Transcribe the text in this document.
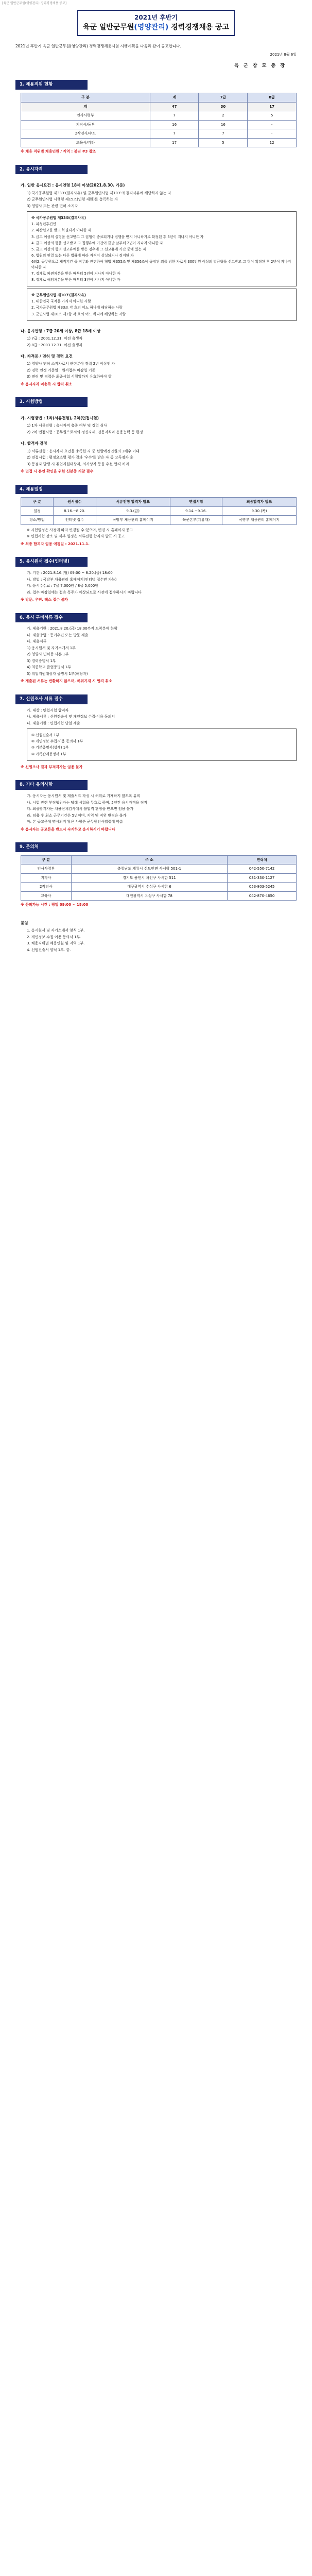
[육군 일반군무원(영양관리) 경력경쟁채용 공고]
2021년 후반기
육군 일반군무원(영양관리) 경력경쟁채용 공고
2021년 후반기 육군 일반군무원(영양관리) 경력경쟁채용시험 시행계획을 다음과 같이 공고합니다.
2021년 8월 6일
육 군 참 모 총 장
1. 채용직위 현황
구 분	계	7급	8급
계	47	30	17
인사사령부	7	2	5
지작사/동부	16	16	-
2작전사/수도	7	7	-
교육사/기타	17	5	12
※ 채용 직위별 채용인원 / 지역 : 붙임 #3 참조
2. 응시자격
가. 일반 응시요건 : 응시연령 18세 이상(2021.8.30. 기준)
1) 국가공무원법 제33조(결격사유) 및 군무원인사법 제10조의 결격사유에 해당하지 않는 자
2) 군무원인사법 시행령 제15조(연령 제한)를 충족하는 자
3) 영양사 또는 관련 면허 소지자
※ 국가공무원법 제33조(결격사유)
1. 피성년후견인
2. 파산선고를 받고 복권되지 아니한 자
3. 금고 이상의 실형을 선고받고 그 집행이 종료되거나 집행을 받지 아니하기로 확정된 후 5년이 지나지 아니한 자
4. 금고 이상의 형을 선고받고 그 집행유예 기간이 끝난 날부터 2년이 지나지 아니한 자
5. 금고 이상의 형의 선고유예를 받은 경우에 그 선고유예 기간 중에 있는 자
6. 법원의 판결 또는 다른 법률에 따라 자격이 상실되거나 정지된 자
6의2. 공무원으로 재직기간 중 직무와 관련하여 형법 제355조 및 제356조에 규정된 죄를 범한 자로서 300만원 이상의 벌금형을 선고받고 그 형이 확정된 후 2년이 지나지 아니한 자
7. 징계로 파면처분을 받은 때부터 5년이 지나지 아니한 자
8. 징계로 해임처분을 받은 때부터 3년이 지나지 아니한 자
※ 군무원인사법 제10조(결격사유)
1. 대한민국 국적을 가지지 아니한 사람
2. 국가공무원법 제33조 각 호의 어느 하나에 해당하는 사람
3. 군인사법 제10조 제2항 각 호의 어느 하나에 해당하는 사람
나. 응시연령 : 7급 20세 이상, 8급 18세 이상
1) 7급 : 2001.12.31. 이전 출생자
2) 8급 : 2003.12.31. 이전 출생자
다. 자격증 / 면허 및 경력 요건
1) 영양사 면허 소지자로서 관련분야 경력 2년 이상인 자
2) 경력 인정 기준일 : 원서접수 마감일 기준
3) 면허 및 경력은 최종시험 시행일까지 유효하여야 함
※ 응시자격 미충족 시 합격 취소
3. 시험방법
가. 시험방법 : 1차(서류전형), 2차(면접시험)
1) 1차 서류전형 : 응시자격 충족 여부 및 경력 심사
2) 2차 면접시험 : 공무원으로서의 정신자세, 전문지식과 응용능력 등 평정
나. 합격자 결정
1) 서류전형 : 응시자격 요건을 충족한 자 중 선발예정인원의 3배수 이내
2) 면접시험 : 평정요소별 평가 결과 '우수'를 받은 자 중 고득점자 순
3) 동점자 발생 시 취업지원대상자, 의사상자 등을 우선 합격 처리
※ 면접 시 본인 확인을 위한 신분증 지참 필수
4. 채용일정
구 분	원서접수	서류전형 합격자 발표	면접시험	최종합격자 발표
일정	8.16.~8.20.	9.3.(금)	9.14.~9.16.	9.30.(목)
장소/방법	인터넷 접수	국방부 채용관리 홈페이지	육군본부(계룡대)	국방부 채용관리 홈페이지
※ 시험일정은 사정에 따라 변경될 수 있으며, 변경 시 홈페이지 공고
※ 면접시험 장소 및 세부 일정은 서류전형 합격자 발표 시 공고
※ 최종 합격자 임용 예정일 : 2021.11.1.
5. 응시원서 접수(인터넷)
가. 기간 : 2021.8.16.(월) 09:00 ~ 8.20.(금) 18:00
나. 방법 : 국방부 채용관리 홈페이지(인터넷 접수만 가능)
다. 응시수수료 : 7급 7,000원 / 8급 5,000원
라. 접수 마감일에는 접속 폭주가 예상되므로 사전에 접수하시기 바랍니다
※ 방문, 우편, 팩스 접수 불가
6. 응시 구비서류 접수
가. 제출기한 : 2021.8.20.(금) 18:00까지 도착분에 한함
나. 제출방법 : 등기우편 또는 방문 제출
다. 제출서류
1) 응시원서 및 자기소개서 1부
2) 영양사 면허증 사본 1부
3) 경력증명서 1부
4) 최종학교 졸업증명서 1부
5) 취업지원대상자 증명서 1부(해당자)
※ 제출된 서류는 반환하지 않으며, 허위기재 시 합격 취소
7. 신원조사 서류 접수
가. 대상 : 면접시험 합격자
나. 제출서류 : 신원진술서 및 개인정보 수집·이용 동의서
다. 제출기한 : 면접시험 당일 제출
① 신원진술서 1부
② 개인정보 수집·이용 동의서 1부
③ 기본증명서(상세) 1부
④ 가족관계증명서 1부
※ 신원조사 결과 부적격자는 임용 불가
8. 기타 유의사항
가. 응시자는 응시원서 및 제출서류 작성 시 허위로 기재하지 않도록 유의
나. 시험 관련 부정행위자는 당해 시험을 무효로 하며, 5년간 응시자격을 정지
다. 최종합격자는 채용신체검사에서 불합격 판정을 받으면 임용 불가
라. 임용 후 최소 근무기간은 5년이며, 지역 및 직위 변경은 불가
마. 본 공고문에 명시되지 않은 사항은 군무원인사법령에 따름
※ 응시자는 공고문을 반드시 숙지하고 응시하시기 바랍니다
9. 문의처
구 분	주 소	연락처
인사사령부	충청남도 계룡시 신도안면 사서함 501-1	042-550-7142
지작사	경기도 용인시 처인구 사서함 511	031-330-1127
2작전사	대구광역시 수성구 사서함 6	053-803-5245
교육사	대전광역시 유성구 사서함 78	042-870-4650
※ 문의가능 시간 : 평일 09:00 ~ 18:00
붙임
1. 응시원서 및 자기소개서 양식 1부.
2. 개인정보 수집·이용 동의서 1부.
3. 채용직위별 채용인원 및 지역 1부.
4. 신원진술서 양식 1부. 끝.
